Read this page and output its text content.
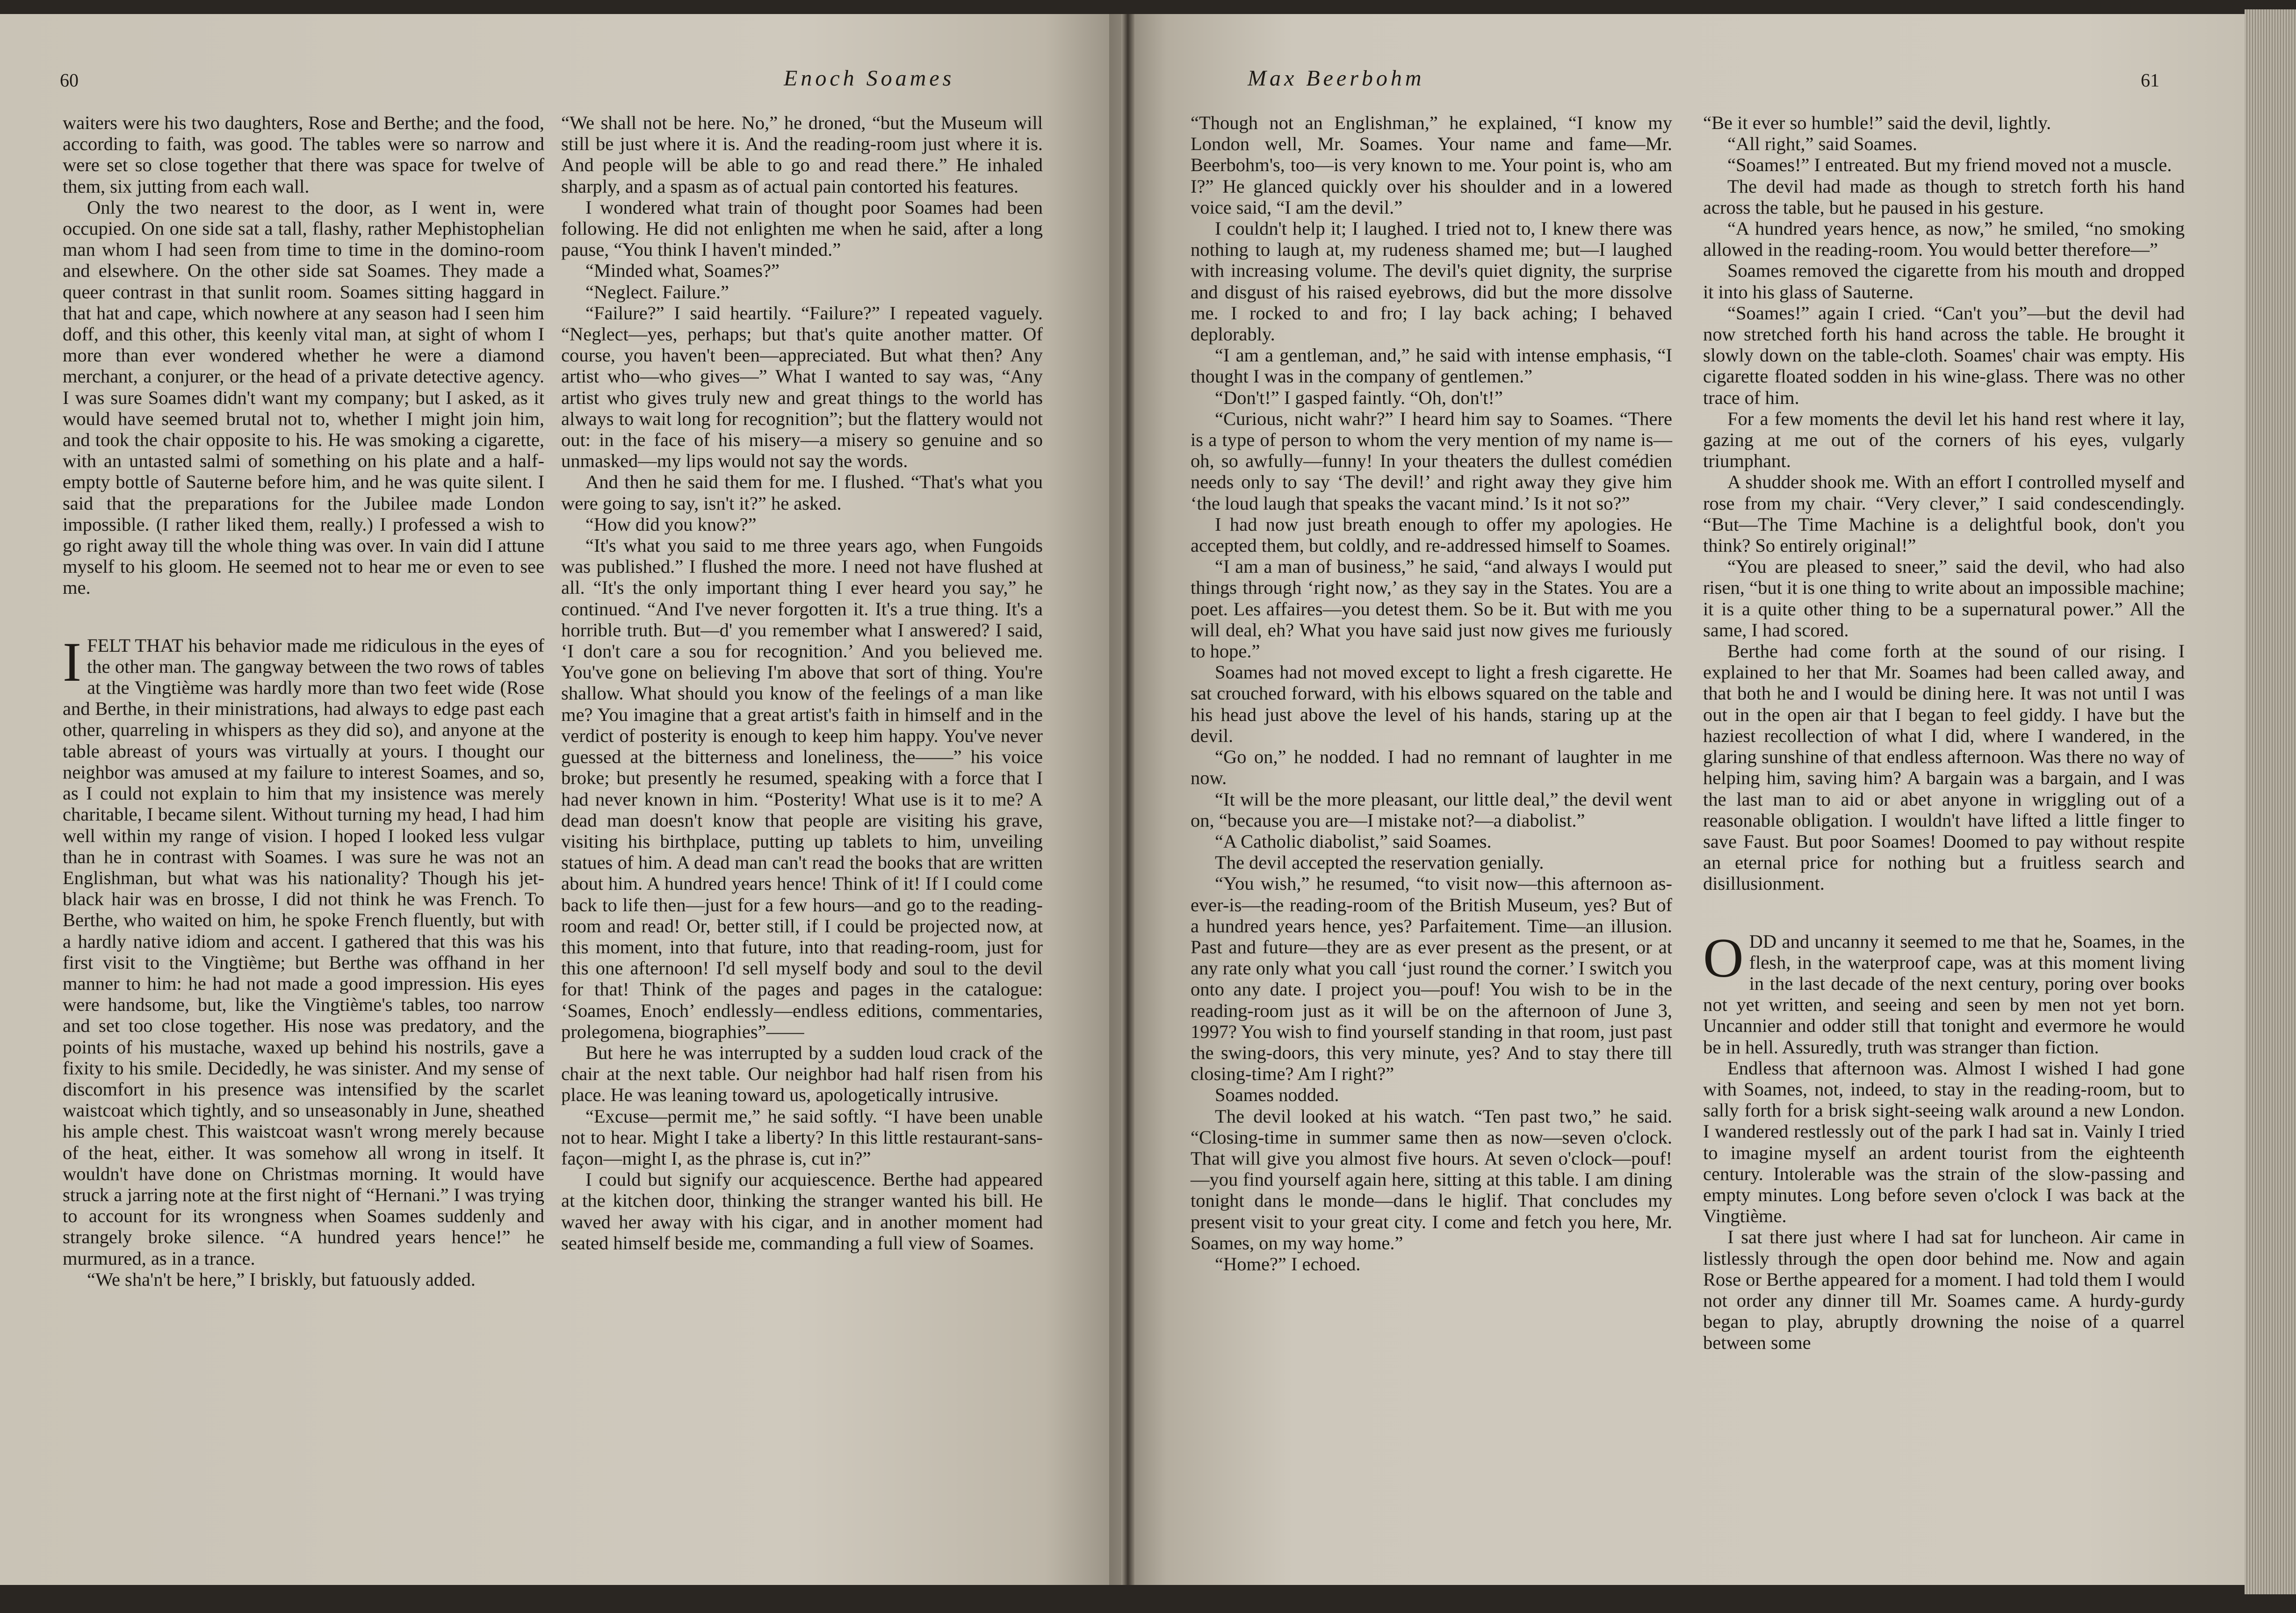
60	Enoch Soames	Max Beerbohm	61

waiters were his two daughters, Rose and Berthe; and the food, according to faith, was good. The tables were so narrow and were set so close together that there was space for twelve of them, six jutting from each wall.

Only the two nearest to the door, as I went in, were occupied. On one side sat a tall, flashy, rather Mephistophelian man whom I had seen from time to time in the domino-room and elsewhere. On the other side sat Soames. They made a queer contrast in that sunlit room. Soames sitting haggard in that hat and cape, which nowhere at any season had I seen him doff, and this other, this keenly vital man, at sight of whom I more than ever wondered whether he were a diamond merchant, a conjurer, or the head of a private detective agency. I was sure Soames didn't want my company; but I asked, as it would have seemed brutal not to, whether I might join him, and took the chair opposite to his. He was smoking a cigarette, with an untasted salmi of something on his plate and a half-empty bottle of Sauterne before him, and he was quite silent. I said that the preparations for the Jubilee made London impossible. (I rather liked them, really.) I professed a wish to go right away till the whole thing was over. In vain did I attune myself to his gloom. He seemed not to hear me or even to see me.

IFELT THAT his behavior made me ridiculous in the eyes of the other man. The gangway between the two rows of tables at the Vingtième was hardly more than two feet wide (Rose and Berthe, in their ministrations, had always to edge past each other, quarreling in whispers as they did so), and anyone at the table abreast of yours was virtually at yours. I thought our neighbor was amused at my failure to interest Soames, and so, as I could not explain to him that my insistence was merely charitable, I became silent. Without turning my head, I had him well within my range of vision. I hoped I looked less vulgar than he in contrast with Soames. I was sure he was not an Englishman, but what was his nationality? Though his jet-black hair was en brosse, I did not think he was French. To Berthe, who waited on him, he spoke French fluently, but with a hardly native idiom and accent. I gathered that this was his first visit to the Vingtième; but Berthe was offhand in her manner to him: he had not made a good impression. His eyes were handsome, but, like the Vingtième's tables, too narrow and set too close together. His nose was predatory, and the points of his mustache, waxed up behind his nostrils, gave a fixity to his smile. Decidedly, he was sinister. And my sense of discomfort in his presence was intensified by the scarlet waistcoat which tightly, and so unseasonably in June, sheathed his ample chest. This waistcoat wasn't wrong merely because of the heat, either. It was somehow all wrong in itself. It wouldn't have done on Christmas morning. It would have struck a jarring note at the first night of “Hernani.” I was trying to account for its wrongness when Soames suddenly and strangely broke silence. “A hundred years hence!” he murmured, as in a trance.

“We sha'n't be here,” I briskly, but fatuously added.

“We shall not be here. No,” he droned, “but the Museum will still be just where it is. And the reading-room just where it is. And people will be able to go and read there.” He inhaled sharply, and a spasm as of actual pain contorted his features.

I wondered what train of thought poor Soames had been following. He did not enlighten me when he said, after a long pause, “You think I haven't minded.”

“Minded what, Soames?”

“Neglect. Failure.”

“Failure?” I said heartily. “Failure?” I repeated vaguely. “Neglect—yes, perhaps; but that's quite another matter. Of course, you haven't been—appreciated. But what then? Any artist who—who gives—” What I wanted to say was, “Any artist who gives truly new and great things to the world has always to wait long for recognition”; but the flattery would not out: in the face of his misery—a misery so genuine and so unmasked—my lips would not say the words.

And then he said them for me. I flushed. “That's what you were going to say, isn't it?” he asked.

“How did you know?”

“It's what you said to me three years ago, when Fungoids was published.” I flushed the more. I need not have flushed at all. “It's the only important thing I ever heard you say,” he continued. “And I've never forgotten it. It's a true thing. It's a horrible truth. But—d' you remember what I answered? I said, ‘I don't care a sou for recognition.’ And you believed me. You've gone on believing I'm above that sort of thing. You're shallow. What should you know of the feelings of a man like me? You imagine that a great artist's faith in himself and in the verdict of posterity is enough to keep him happy. You've never guessed at the bitterness and loneliness, the——” his voice broke; but presently he resumed, speaking with a force that I had never known in him. “Posterity! What use is it to me? A dead man doesn't know that people are visiting his grave, visiting his birthplace, putting up tablets to him, unveiling statues of him. A dead man can't read the books that are written about him. A hundred years hence! Think of it! If I could come back to life then—just for a few hours—and go to the reading-room and read! Or, better still, if I could be projected now, at this moment, into that future, into that reading-room, just for this one afternoon! I'd sell myself body and soul to the devil for that! Think of the pages and pages in the catalogue: ‘Soames, Enoch’ endlessly—endless editions, commentaries, prolegomena, biographies”——

But here he was interrupted by a sudden loud crack of the chair at the next table. Our neighbor had half risen from his place. He was leaning toward us, apologetically intrusive.

“Excuse—permit me,” he said softly. “I have been unable not to hear. Might I take a liberty? In this little restaurant-sans-façon—might I, as the phrase is, cut in?”

I could but signify our acquiescence. Berthe had appeared at the kitchen door, thinking the stranger wanted his bill. He waved her away with his cigar, and in another moment had seated himself beside me, commanding a full view of Soames.

“Though not an Englishman,” he explained, “I know my London well, Mr. Soames. Your name and fame—Mr. Beerbohm's, too—is very known to me. Your point is, who am I?” He glanced quickly over his shoulder and in a lowered voice said, “I am the devil.”

I couldn't help it; I laughed. I tried not to, I knew there was nothing to laugh at, my rudeness shamed me; but—I laughed with increasing volume. The devil's quiet dignity, the surprise and disgust of his raised eyebrows, did but the more dissolve me. I rocked to and fro; I lay back aching; I behaved deplorably.

“I am a gentleman, and,” he said with intense emphasis, “I thought I was in the company of gentlemen.”

“Don't!” I gasped faintly. “Oh, don't!”

“Curious, nicht wahr?” I heard him say to Soames. “There is a type of person to whom the very mention of my name is—oh, so awfully—funny! In your theaters the dullest comédien needs only to say ‘The devil!’ and right away they give him ‘the loud laugh that speaks the vacant mind.’ Is it not so?”

I had now just breath enough to offer my apologies. He accepted them, but coldly, and re-addressed himself to Soames.

“I am a man of business,” he said, “and always I would put things through ‘right now,’ as they say in the States. You are a poet. Les affaires—you detest them. So be it. But with me you will deal, eh? What you have said just now gives me furiously to hope.”

Soames had not moved except to light a fresh cigarette. He sat crouched forward, with his elbows squared on the table and his head just above the level of his hands, staring up at the devil.

“Go on,” he nodded. I had no remnant of laughter in me now.

“It will be the more pleasant, our little deal,” the devil went on, “because you are—I mistake not?—a diabolist.”

“A Catholic diabolist,” said Soames.

The devil accepted the reservation genially.

“You wish,” he resumed, “to visit now—this afternoon as-ever-is—the reading-room of the British Museum, yes? But of a hundred years hence, yes? Parfaitement. Time—an illusion. Past and future—they are as ever present as the present, or at any rate only what you call ‘just round the corner.’ I switch you onto any date. I project you—pouf! You wish to be in the reading-room just as it will be on the afternoon of June 3, 1997? You wish to find yourself standing in that room, just past the swing-doors, this very minute, yes? And to stay there till closing-time? Am I right?”

Soames nodded.

The devil looked at his watch. “Ten past two,” he said. “Closing-time in summer same then as now—seven o'clock. That will give you almost five hours. At seven o'clock—pouf!—you find yourself again here, sitting at this table. I am dining tonight dans le monde—dans le higlif. That concludes my present visit to your great city. I come and fetch you here, Mr. Soames, on my way home.”

“Home?” I echoed.

“Be it ever so humble!” said the devil, lightly.

“All right,” said Soames.

“Soames!” I entreated. But my friend moved not a muscle.

The devil had made as though to stretch forth his hand across the table, but he paused in his gesture.

“A hundred years hence, as now,” he smiled, “no smoking allowed in the reading-room. You would better therefore—”

Soames removed the cigarette from his mouth and dropped it into his glass of Sauterne.

“Soames!” again I cried. “Can't you”—but the devil had now stretched forth his hand across the table. He brought it slowly down on the table-cloth. Soames' chair was empty. His cigarette floated sodden in his wine-glass. There was no other trace of him.

For a few moments the devil let his hand rest where it lay, gazing at me out of the corners of his eyes, vulgarly triumphant.

A shudder shook me. With an effort I controlled myself and rose from my chair. “Very clever,” I said condescendingly. “But—The Time Machine is a delightful book, don't you think? So entirely original!”

“You are pleased to sneer,” said the devil, who had also risen, “but it is one thing to write about an impossible machine; it is a quite other thing to be a supernatural power.” All the same, I had scored.

Berthe had come forth at the sound of our rising. I explained to her that Mr. Soames had been called away, and that both he and I would be dining here. It was not until I was out in the open air that I began to feel giddy. I have but the haziest recollection of what I did, where I wandered, in the glaring sunshine of that endless afternoon. Was there no way of helping him, saving him? A bargain was a bargain, and I was the last man to aid or abet anyone in wriggling out of a reasonable obligation. I wouldn't have lifted a little finger to save Faust. But poor Soames! Doomed to pay without respite an eternal price for nothing but a fruitless search and disillusionment.

ODD and uncanny it seemed to me that he, Soames, in the flesh, in the waterproof cape, was at this moment living in the last decade of the next century, poring over books not yet written, and seeing and seen by men not yet born. Uncannier and odder still that tonight and evermore he would be in hell. Assuredly, truth was stranger than fiction.

Endless that afternoon was. Almost I wished I had gone with Soames, not, indeed, to stay in the reading-room, but to sally forth for a brisk sight-seeing walk around a new London. I wandered restlessly out of the park I had sat in. Vainly I tried to imagine myself an ardent tourist from the eighteenth century. Intolerable was the strain of the slow-passing and empty minutes. Long before seven o'clock I was back at the Vingtième.

I sat there just where I had sat for luncheon. Air came in listlessly through the open door behind me. Now and again Rose or Berthe appeared for a moment. I had told them I would not order any dinner till Mr. Soames came. A hurdy-gurdy began to play, abruptly drowning the noise of a quarrel between some
